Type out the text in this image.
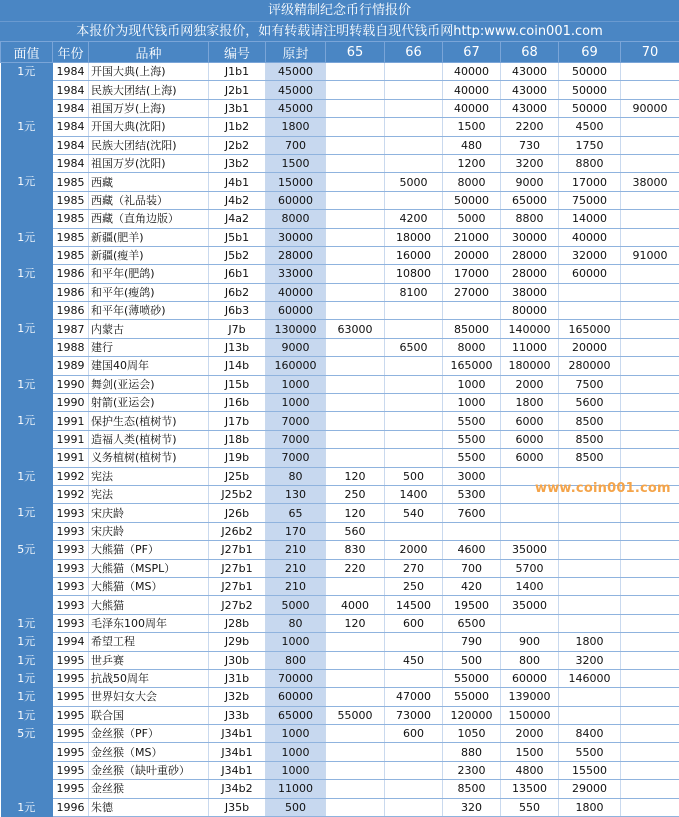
评级精制纪念币行情报价
本报价为现代钱币网独家报价，如有转载请注明转载自现代钱币网http:www.coin001.com
面值	年份	品种	编号	原封	65	66	67	68	69	70
1元	1984	开国大典(上海)	J1b1	45000			40000	43000	50000	
	1984	民族大团结(上海)	J2b1	45000			40000	43000	50000	
	1984	祖国万岁(上海)	J3b1	45000			40000	43000	50000	90000
1元	1984	开国大典(沈阳)	J1b2	1800			1500	2200	4500	
	1984	民族大团结(沈阳)	J2b2	700			480	730	1750	
	1984	祖国万岁(沈阳)	J3b2	1500			1200	3200	8800	
1元	1985	西藏	J4b1	15000		5000	8000	9000	17000	38000
	1985	西藏（礼品装）	J4b2	60000			50000	65000	75000	
	1985	西藏（直角边版）	J4a2	8000		4200	5000	8800	14000	
1元	1985	新疆(肥羊)	J5b1	30000		18000	21000	30000	40000	
	1985	新疆(瘦羊)	J5b2	28000		16000	20000	28000	32000	91000
1元	1986	和平年(肥鸽)	J6b1	33000		10800	17000	28000	60000	
	1986	和平年(瘦鸽)	J6b2	40000		8100	27000	38000		
	1986	和平年(薄喷砂)	J6b3	60000				80000		
1元	1987	内蒙古	J7b	130000	63000		85000	140000	165000	
	1988	建行	J13b	9000		6500	8000	11000	20000	
	1989	建国40周年	J14b	160000			165000	180000	280000	
1元	1990	舞剑(亚运会)	J15b	1000			1000	2000	7500	
	1990	射箭(亚运会)	J16b	1000			1000	1800	5600	
1元	1991	保护生态(植树节)	J17b	7000			5500	6000	8500	
	1991	造福人类(植树节)	J18b	7000			5500	6000	8500	
	1991	义务植树(植树节)	J19b	7000			5500	6000	8500	
1元	1992	宪法	J25b	80	120	500	3000			
	1992	宪法	J25b2	130	250	1400	5300			
1元	1993	宋庆龄	J26b	65	120	540	7600			
	1993	宋庆龄	J26b2	170	560					
5元	1993	大熊猫（PF）	J27b1	210	830	2000	4600	35000		
	1993	大熊猫（MSPL）	J27b1	210	220	270	700	5700		
	1993	大熊猫（MS）	J27b1	210		250	420	1400		
	1993	大熊猫	J27b2	5000	4000	14500	19500	35000		
1元	1993	毛泽东100周年	J28b	80	120	600	6500			
1元	1994	希望工程	J29b	1000			790	900	1800	
1元	1995	世乒赛	J30b	800		450	500	800	3200	
1元	1995	抗战50周年	J31b	70000			55000	60000	146000	
1元	1995	世界妇女大会	J32b	60000		47000	55000	139000		
1元	1995	联合国	J33b	65000	55000	73000	120000	150000		
5元	1995	金丝猴（PF）	J34b1	1000		600	1050	2000	8400	
	1995	金丝猴（MS）	J34b1	1000			880	1500	5500	
	1995	金丝猴（缺叶重砂）	J34b1	1000			2300	4800	15500	
	1995	金丝猴	J34b2	11000			8500	13500	29000	
1元	1996	朱德	J35b	500			320	550	1800	
www.coin001.com
